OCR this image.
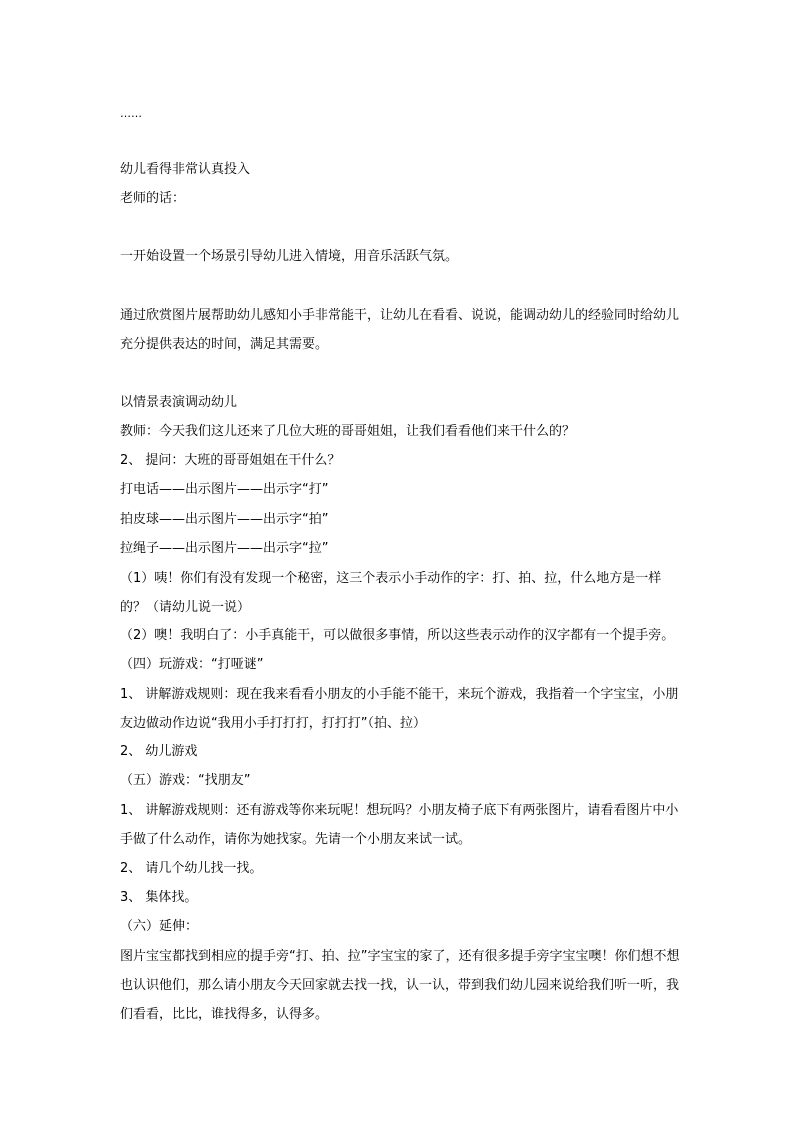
……
幼儿看得非常认真投入
老师的话：
一开始设置一个场景引导幼儿进入情境，用音乐活跃气氛。
通过欣赏图片展帮助幼儿感知小手非常能干，让幼儿在看看、说说，能调动幼儿的经验同时给幼儿充分提供表达的时间，满足其需要。
以情景表演调动幼儿
教师：今天我们这儿还来了几位大班的哥哥姐姐，让我们看看他们来干什么的？
2、 提问：大班的哥哥姐姐在干什么？
打电话——出示图片——出示字“打”
拍皮球——出示图片——出示字“拍”
拉绳子——出示图片——出示字“拉”
（1）咦！你们有没有发现一个秘密，这三个表示小手动作的字：打、拍、拉，什么地方是一样的？（请幼儿说一说）
（2）噢！我明白了：小手真能干，可以做很多事情，所以这些表示动作的汉字都有一个提手旁。
（四）玩游戏：“打哑谜”
1、 讲解游戏规则：现在我来看看小朋友的小手能不能干，来玩个游戏，我指着一个字宝宝，小朋友边做动作边说“我用小手打打打，打打打”（拍、拉）
2、 幼儿游戏
（五）游戏：“找朋友”
1、 讲解游戏规则：还有游戏等你来玩呢！想玩吗？小朋友椅子底下有两张图片，请看看图片中小手做了什么动作，请你为她找家。先请一个小朋友来试一试。
2、 请几个幼儿找一找。
3、 集体找。
（六）延伸：
图片宝宝都找到相应的提手旁“打、拍、拉”字宝宝的家了，还有很多提手旁字宝宝噢！你们想不想也认识他们，那么请小朋友今天回家就去找一找，认一认，带到我们幼儿园来说给我们听一听，我们看看，比比，谁找得多，认得多。
